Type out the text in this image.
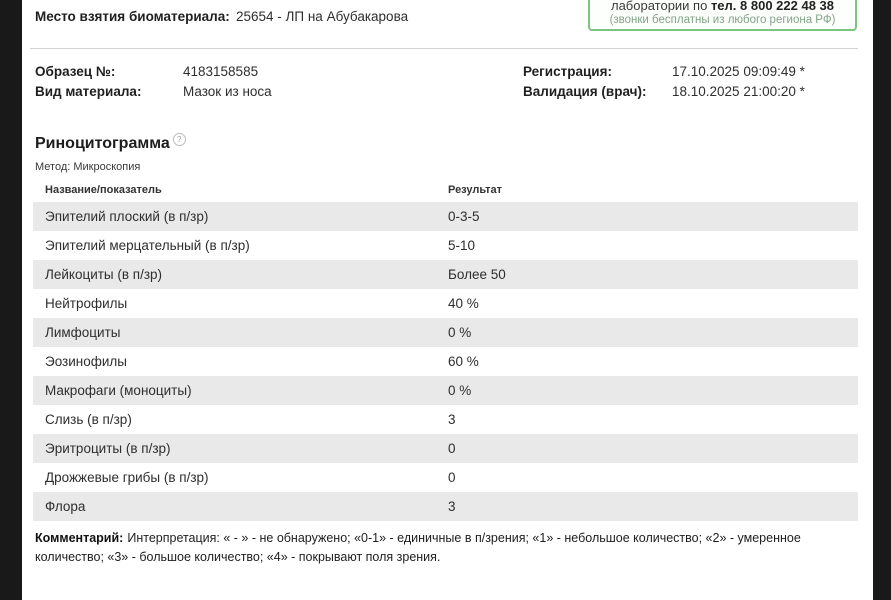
лаборатории по тел. 8 800 222 48 38
(звонки бесплатны из любого региона РФ)
Место взятия биоматериала: 25654 - ЛП на Абубакарова
Образец №:	4183158585
Вид материала:	Мазок из носа
Регистрация:	17.10.2025 09:09:49 *
Валидация (врач): 18.10.2025 21:00:20 *
Риноцитограмма ?
Метод: Микроскопия
Название/показатель	Результат
Эпителий плоский (в п/зр)	0-3-5
Эпителий мерцательный (в п/зр)	5-10
Лейкоциты (в п/зр)	Более 50
Нейтрофилы	40 %
Лимфоциты	0 %
Эозинофилы	60 %
Макрофаги (моноциты)	0 %
Слизь (в п/зр)	3
Эритроциты (в п/зр)	0
Дрожжевые грибы (в п/зр)	0
Флора	3
Комментарий: Интерпретация: « - » - не обнаружено; «0-1» - единичные в п/зрения; «1» - небольшое количество; «2» - умеренное количество; «3» - большое количество; «4» - покрывают поля зрения.
